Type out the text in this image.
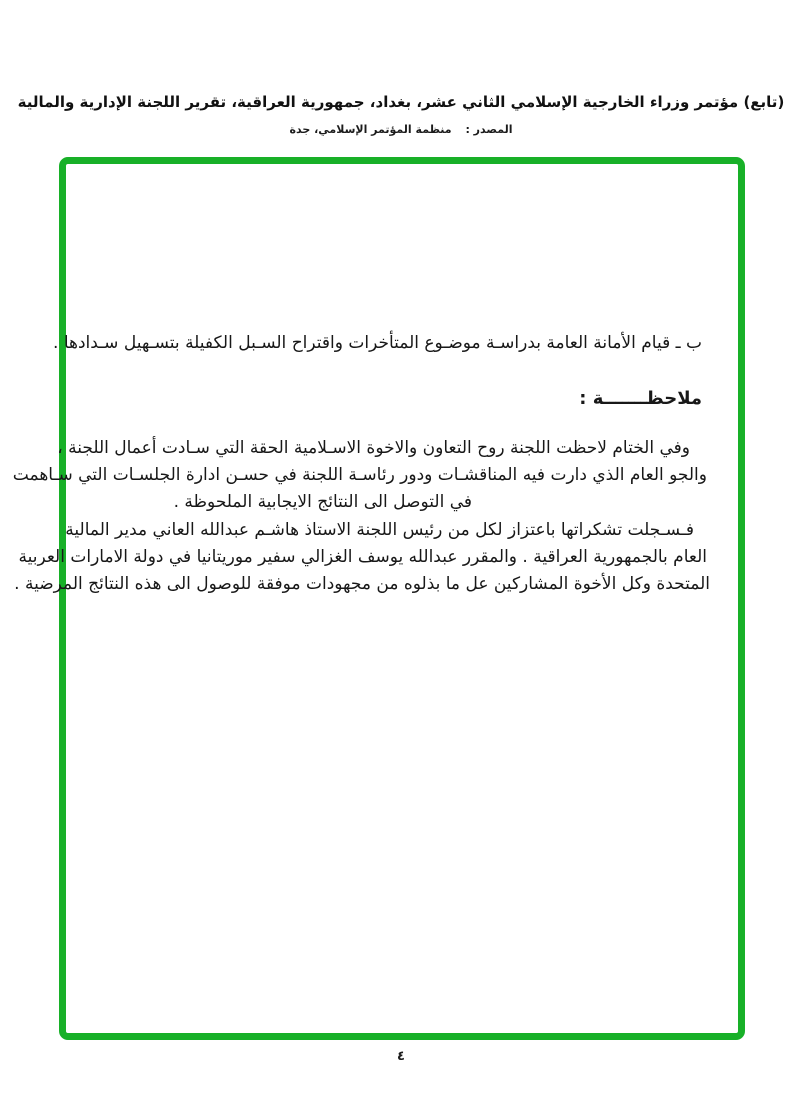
(تابع) مؤتمر وزراء الخارجية الإسلامي الثاني عشر، بغداد، جمهورية العراقية، تقرير اللجنة الإدارية والمالية
المصدر : منظمة المؤتمر الإسلامي، جدة
ب ـ قيام الأمانة العامة بدراسـة موضـوع المتأخرات واقتراح السـبل الكفيلة بتسـهيل سـدادها .
ملاحظـــــــة :
وفي الختام لاحظت اللجنة روح التعاون والاخوة الاسـلامية الحقة التي سـادت أعمال اللجنة ،
والجو العام الذي دارت فيه المناقشـات ودور رئاسـة اللجنة في حسـن ادارة الجلسـات التي سـاهمت
في التوصل الى النتائج الايجابية الملحوظة .
فـسـجلت تشكراتها باعتزاز لكل من رئيس اللجنة الاستاذ هاشـم عبدالله العاني مدير المالية
العام بالجمهورية العراقية . والمقرر عبدالله يوسف الغزالي سفير موريتانيا في دولة الامارات العربية
المتحدة وكل الأخوة المشاركين عل ما بذلوه من مجهودات موفقة للوصول الى هذه النتائج المرضية .
٤
